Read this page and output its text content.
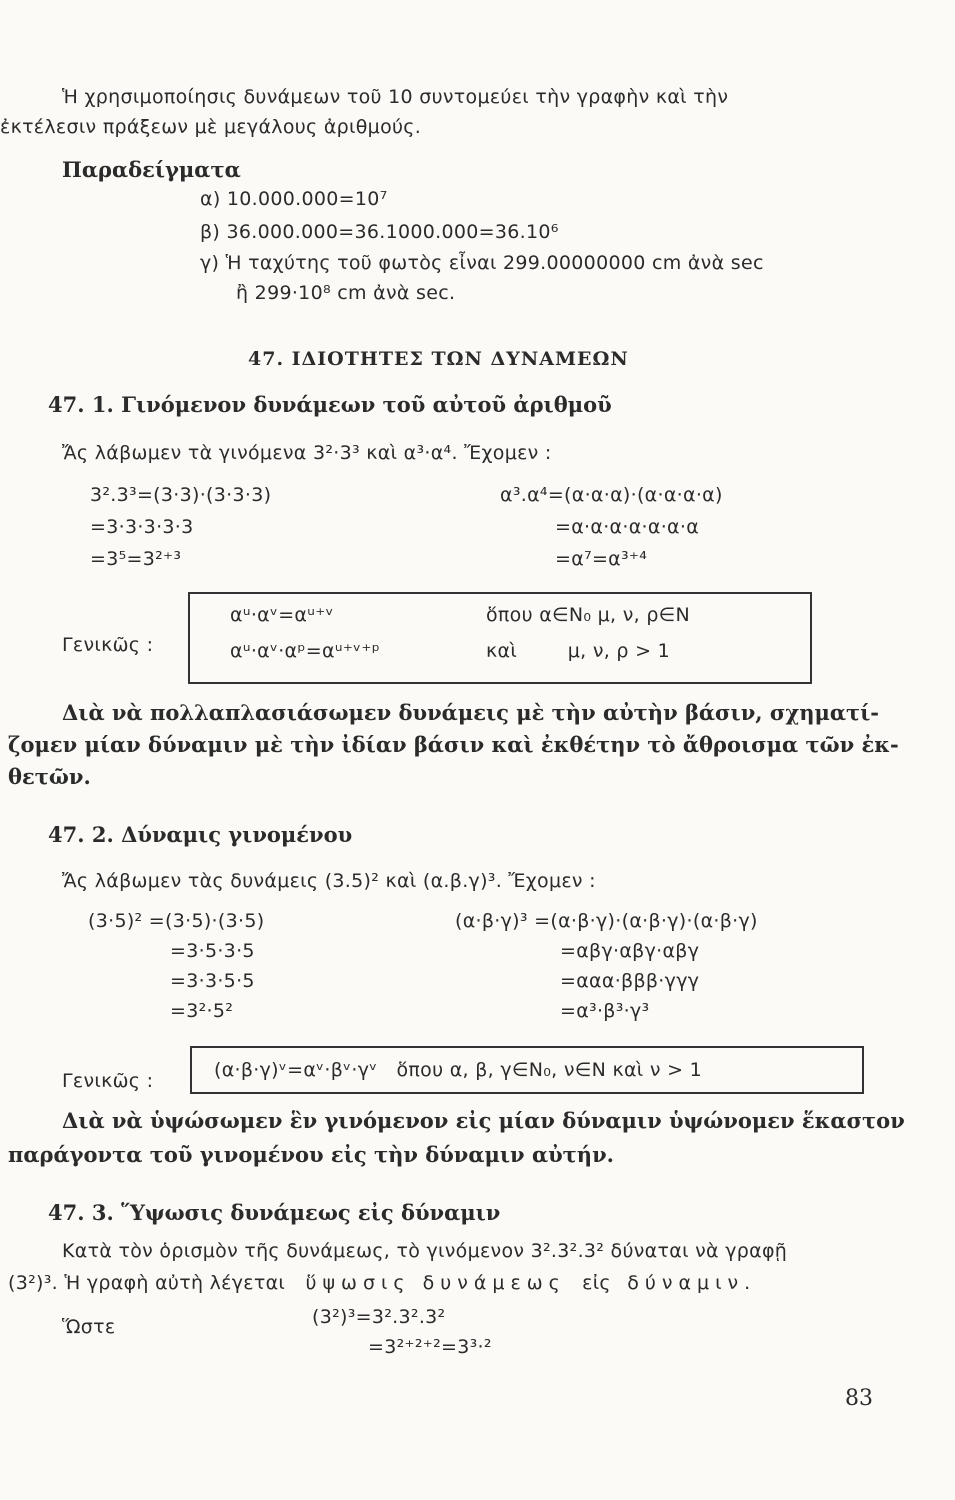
Ἡ χρησιμοποίησις δυνάμεων τοῦ 10 συντομεύει τὴν γραφὴν καὶ τὴν
ἐκτέλεσιν πράξεων μὲ μεγάλους ἀριθμούς.
Παραδείγματα
α) 10.000.000=10⁷
β) 36.000.000=36.1000.000=36.10⁶
γ) Ἡ ταχύτης τοῦ φωτὸς εἶναι 299.00000000 cm ἀνὰ sec
ἢ 299·10⁸ cm ἀνὰ sec.
47. ΙΔΙΟΤΗΤΕΣ ΤΩΝ ΔΥΝΑΜΕΩΝ
47. 1. Γινόμενον δυνάμεων τοῦ αὐτοῦ ἀριθμοῦ
Ἄς λάβωμεν τὰ γινόμενα 3²·3³ καὶ α³·α⁴. Ἔχομεν :
3².3³=(3·3)·(3·3·3)
=3·3·3·3·3
=3⁵=3²⁺³
α³.α⁴=(α·α·α)·(α·α·α·α)
=α·α·α·α·α·α·α
=α⁷=α³⁺⁴
Γενικῶς :
αᵘ·αᵛ=αᵘ⁺ᵛ
αᵘ·αᵛ·αᵖ=αᵘ⁺ᵛ⁺ᵖ
ὅπου α∈N₀ μ, ν, ρ∈N
καὶ        μ, ν, ρ > 1
Διὰ νὰ πολλαπλασιάσωμεν δυνάμεις μὲ τὴν αὐτὴν βάσιν, σχηματί-
ζομεν μίαν δύναμιν μὲ τὴν ἰδίαν βάσιν καὶ ἐκθέτην τὸ ἄθροισμα τῶν ἐκ-
θετῶν.
47. 2. Δύναμις γινομένου
Ἄς λάβωμεν τὰς δυνάμεις (3.5)² καὶ (α.β.γ)³. Ἔχομεν :
(3·5)² =(3·5)·(3·5)
=3·5·3·5
=3·3·5·5
=3²·5²
(α·β·γ)³ =(α·β·γ)·(α·β·γ)·(α·β·γ)
=αβγ·αβγ·αβγ
=ααα·βββ·γγγ
=α³·β³·γ³
Γενικῶς :	(α·β·γ)ᵛ=αᵛ·βᵛ·γᵛ   ὅπου α, β, γ∈N₀, ν∈N καὶ ν > 1
Διὰ νὰ ὑψώσωμεν ἓν γινόμενον εἰς μίαν δύναμιν ὑψώνομεν ἕκαστον
παράγοντα τοῦ γινομένου εἰς τὴν δύναμιν αὐτήν.
47. 3. Ὕψωσις δυνάμεως εἰς δύναμιν
Κατὰ τὸν ὁρισμὸν τῆς δυνάμεως, τὸ γινόμενον 3².3².3² δύναται νὰ γραφῇ
(3²)³. Ἡ γραφὴ αὐτὴ λέγεται ὕψωσις δυνάμεως εἰς δύναμιν.
Ὥστε	(3²)³=3².3².3²
=3²⁺²⁺²=3³·²
83
